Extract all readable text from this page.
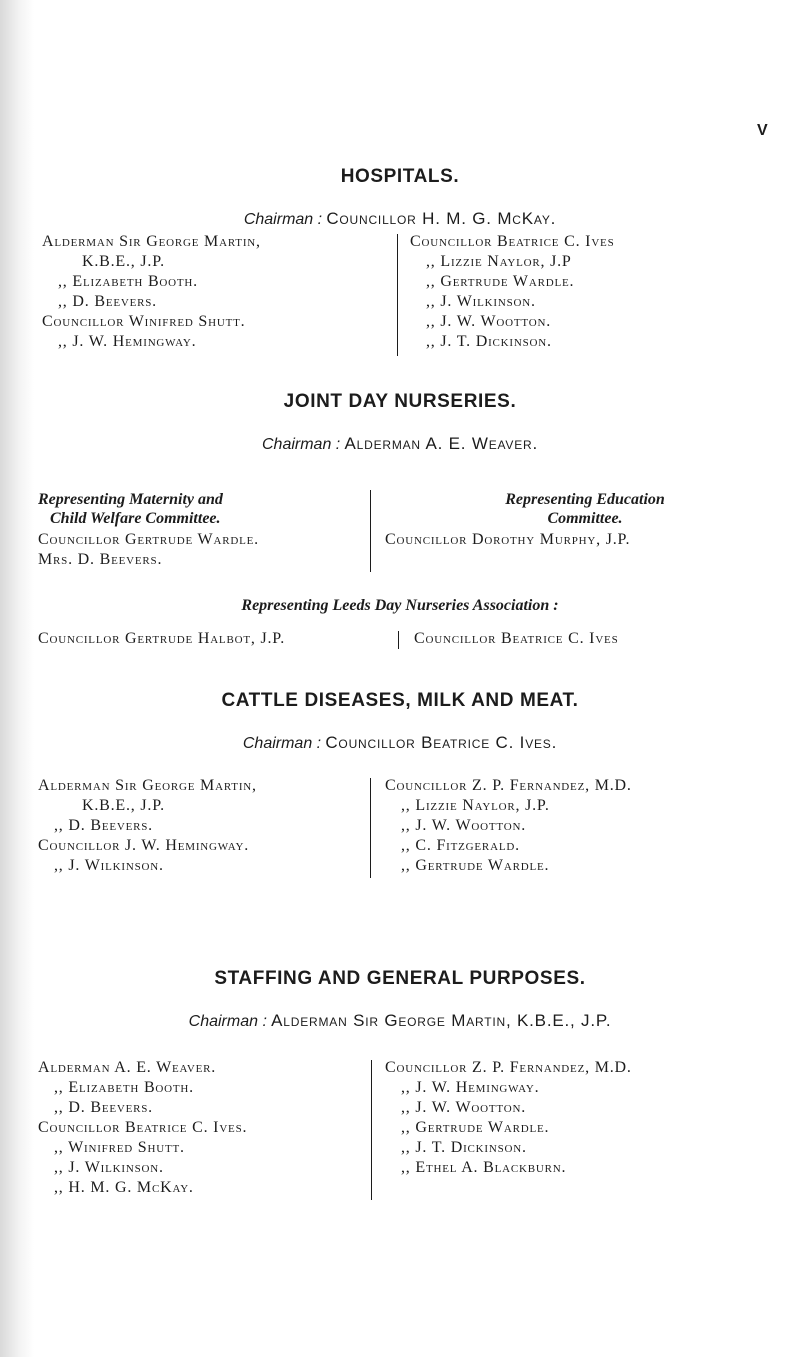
V
HOSPITALS.
Chairman : Councillor H. M. G. McKay.
Alderman Sir George Martin,
K.B.E., J.P.
,, Elizabeth Booth.
,, D. Beevers.
Councillor Winifred Shutt.
,, J. W. Hemingway.
Councillor Beatrice C. Ives
,, Lizzie Naylor, J.P
,, Gertrude Wardle.
,, J. Wilkinson.
,, J. W. Wootton.
,, J. T. Dickinson.
JOINT DAY NURSERIES.
Chairman : Alderman A. E. Weaver.
Representing Maternity and
Child Welfare Committee.
Councillor Gertrude Wardle.
Mrs. D. Beevers.
Representing Education
Committee.
Councillor Dorothy Murphy, J.P.
Representing Leeds Day Nurseries Association :
Councillor Gertrude Halbot, J.P.	Councillor Beatrice C. Ives
CATTLE DISEASES, MILK AND MEAT.
Chairman : Councillor Beatrice C. Ives.
Alderman Sir George Martin,
K.B.E., J.P.
,, D. Beevers.
Councillor J. W. Hemingway.
,, J. Wilkinson.
Councillor Z. P. Fernandez, M.D.
,, Lizzie Naylor, J.P.
,, J. W. Wootton.
,, C. Fitzgerald.
,, Gertrude Wardle.
STAFFING AND GENERAL PURPOSES.
Chairman : Alderman Sir George Martin, K.B.E., J.P.
Alderman A. E. Weaver.
,, Elizabeth Booth.
,, D. Beevers.
Councillor Beatrice C. Ives.
,, Winifred Shutt.
,, J. Wilkinson.
,, H. M. G. McKay.
Councillor Z. P. Fernandez, M.D.
,, J. W. Hemingway.
,, J. W. Wootton.
,, Gertrude Wardle.
,, J. T. Dickinson.
,, Ethel A. Blackburn.
